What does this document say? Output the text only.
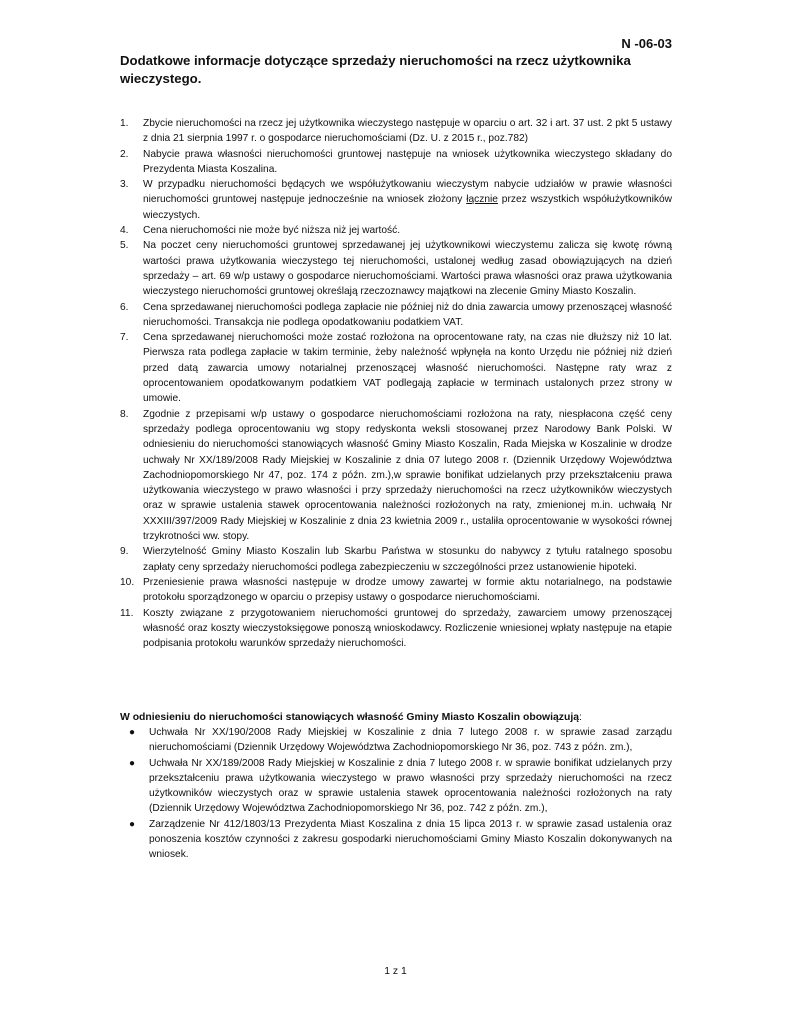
N -06-03
Dodatkowe informacje dotyczące sprzedaży nieruchomości na rzecz użytkownika wieczystego.
1. Zbycie nieruchomości na rzecz jej użytkownika wieczystego następuje w oparciu o art. 32 i art. 37 ust. 2 pkt 5 ustawy z dnia 21 sierpnia 1997 r. o gospodarce nieruchomościami (Dz. U. z 2015 r., poz.782)
2. Nabycie prawa własności nieruchomości gruntowej następuje na wniosek użytkownika wieczystego składany do Prezydenta Miasta Koszalina.
3. W przypadku nieruchomości będących we współużytkowaniu wieczystym nabycie udziałów w prawie własności nieruchomości gruntowej następuje jednocześnie na wniosek złożony łącznie przez wszystkich współużytkowników wieczystych.
4. Cena nieruchomości nie może być niższa niż jej wartość.
5. Na poczet ceny nieruchomości gruntowej sprzedawanej jej użytkownikowi wieczystemu zalicza się kwotę równą wartości prawa użytkowania wieczystego tej nieruchomości, ustalonej według zasad obowiązujących na dzień sprzedaży – art. 69 w/p ustawy o gospodarce nieruchomościami. Wartości prawa własności oraz prawa użytkowania wieczystego nieruchomości gruntowej określają rzeczoznawcy majątkowi na zlecenie Gminy Miasto Koszalin.
6. Cena sprzedawanej nieruchomości podlega zapłacie nie później niż do dnia zawarcia umowy przenoszącej własność nieruchomości. Transakcja nie podlega opodatkowaniu podatkiem VAT.
7. Cena sprzedawanej nieruchomości może zostać rozłożona na oprocentowane raty, na czas nie dłuższy niż 10 lat. Pierwsza rata podlega zapłacie w takim terminie, żeby należność wpłynęła na konto Urzędu nie później niż dzień przed datą zawarcia umowy notarialnej przenoszącej własność nieruchomości. Następne raty wraz z oprocentowaniem opodatkowanym podatkiem VAT podlegają zapłacie w terminach ustalonych przez strony w umowie.
8. Zgodnie z przepisami w/p ustawy o gospodarce nieruchomościami rozłożona na raty, niespłacona część ceny sprzedaży podlega oprocentowaniu wg stopy redyskonta weksli stosowanej przez Narodowy Bank Polski. W odniesieniu do nieruchomości stanowiących własność Gminy Miasto Koszalin, Rada Miejska w Koszalinie w drodze uchwały Nr XX/189/2008 Rady Miejskiej w Koszalinie z dnia 07 lutego 2008 r. (Dziennik Urzędowy Województwa Zachodniopomorskiego Nr 47, poz. 174 z późn. zm.),w sprawie bonifikat udzielanych przy przekształceniu prawa użytkowania wieczystego w prawo własności i przy sprzedaży nieruchomości na rzecz użytkowników wieczystych oraz w sprawie ustalenia stawek oprocentowania należności rozłożonych na raty, zmienionej m.in. uchwałą Nr XXXIII/397/2009 Rady Miejskiej w Koszalinie z dnia 23 kwietnia 2009 r., ustaliła oprocentowanie w wysokości równej trzykrotności ww. stopy.
9. Wierzytelność Gminy Miasto Koszalin lub Skarbu Państwa w stosunku do nabywcy z tytułu ratalnego sposobu zapłaty ceny sprzedaży nieruchomości podlega zabezpieczeniu w szczególności przez ustanowienie hipoteki.
10. Przeniesienie prawa własności następuje w drodze umowy zawartej w formie aktu notarialnego, na podstawie protokołu sporządzonego w oparciu o przepisy ustawy o gospodarce nieruchomościami.
11. Koszty związane z przygotowaniem nieruchomości gruntowej do sprzedaży, zawarciem umowy przenoszącej własność oraz koszty wieczystoksięgowe ponoszą wnioskodawcy. Rozliczenie wniesionej wpłaty następuje na etapie podpisania protokołu warunków sprzedaży nieruchomości.
W odniesieniu do nieruchomości stanowiących własność Gminy Miasto Koszalin obowiązują:
● Uchwała Nr XX/190/2008 Rady Miejskiej w Koszalinie z dnia 7 lutego 2008 r. w sprawie zasad zarządu nieruchomościami (Dziennik Urzędowy Województwa Zachodniopomorskiego Nr 36, poz. 743 z późn. zm.),
● Uchwała Nr XX/189/2008 Rady Miejskiej w Koszalinie z dnia 7 lutego 2008 r. w sprawie bonifikat udzielanych przy przekształceniu prawa użytkowania wieczystego w prawo własności przy sprzedaży nieruchomości na rzecz użytkowników wieczystych oraz w sprawie ustalenia stawek oprocentowania należności rozłożonych na raty (Dziennik Urzędowy Województwa Zachodniopomorskiego Nr 36, poz. 742 z późn. zm.),
● Zarządzenie Nr 412/1803/13 Prezydenta Miast Koszalina z dnia 15 lipca 2013 r. w sprawie zasad ustalenia oraz ponoszenia kosztów czynności z zakresu gospodarki nieruchomościami Gminy Miasto Koszalin dokonywanych na wniosek.
1 z 1
